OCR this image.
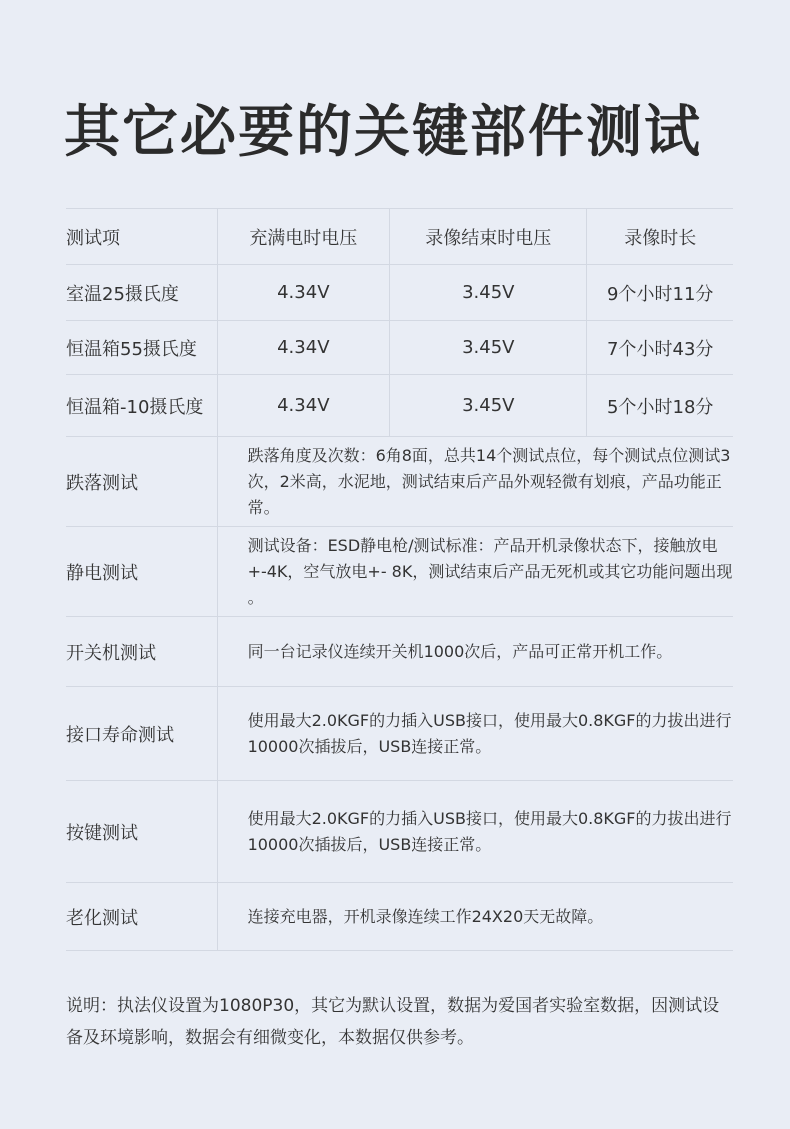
其它必要的关键部件测试
测试项	充满电时电压	录像结束时电压	录像时长
室温25摄氏度	4.34V	3.45V	9个小时11分
恒温箱55摄氏度	4.34V	3.45V	7个小时43分
恒温箱-10摄氏度	4.34V	3.45V	5个小时18分
跌落测试	跌落角度及次数：6角8面，总共14个测试点位，每个测试点位测试3次，2米高，水泥地，测试结束后产品外观轻微有划痕，产品功能正常。		
静电测试	测试设备：ESD静电枪/测试标准：产品开机录像状态下，接触放电+-4K，空气放电+- 8K，测试结束后产品无死机或其它功能问题出现 。		
开关机测试	同一台记录仪连续开关机1000次后，产品可正常开机工作。		
接口寿命测试	使用最大2.0KGF的力插入USB接口，使用最大0.8KGF的力拔出进行10000次插拔后，USB连接正常。		
按键测试	使用最大2.0KGF的力插入USB接口，使用最大0.8KGF的力拔出进行10000次插拔后，USB连接正常。		
老化测试	连接充电器，开机录像连续工作24X20天无故障。		
说明：执法仪设置为1080P30，其它为默认设置，数据为爱国者实验室数据，因测试设备及环境影响，数据会有细微变化，本数据仅供参考。
